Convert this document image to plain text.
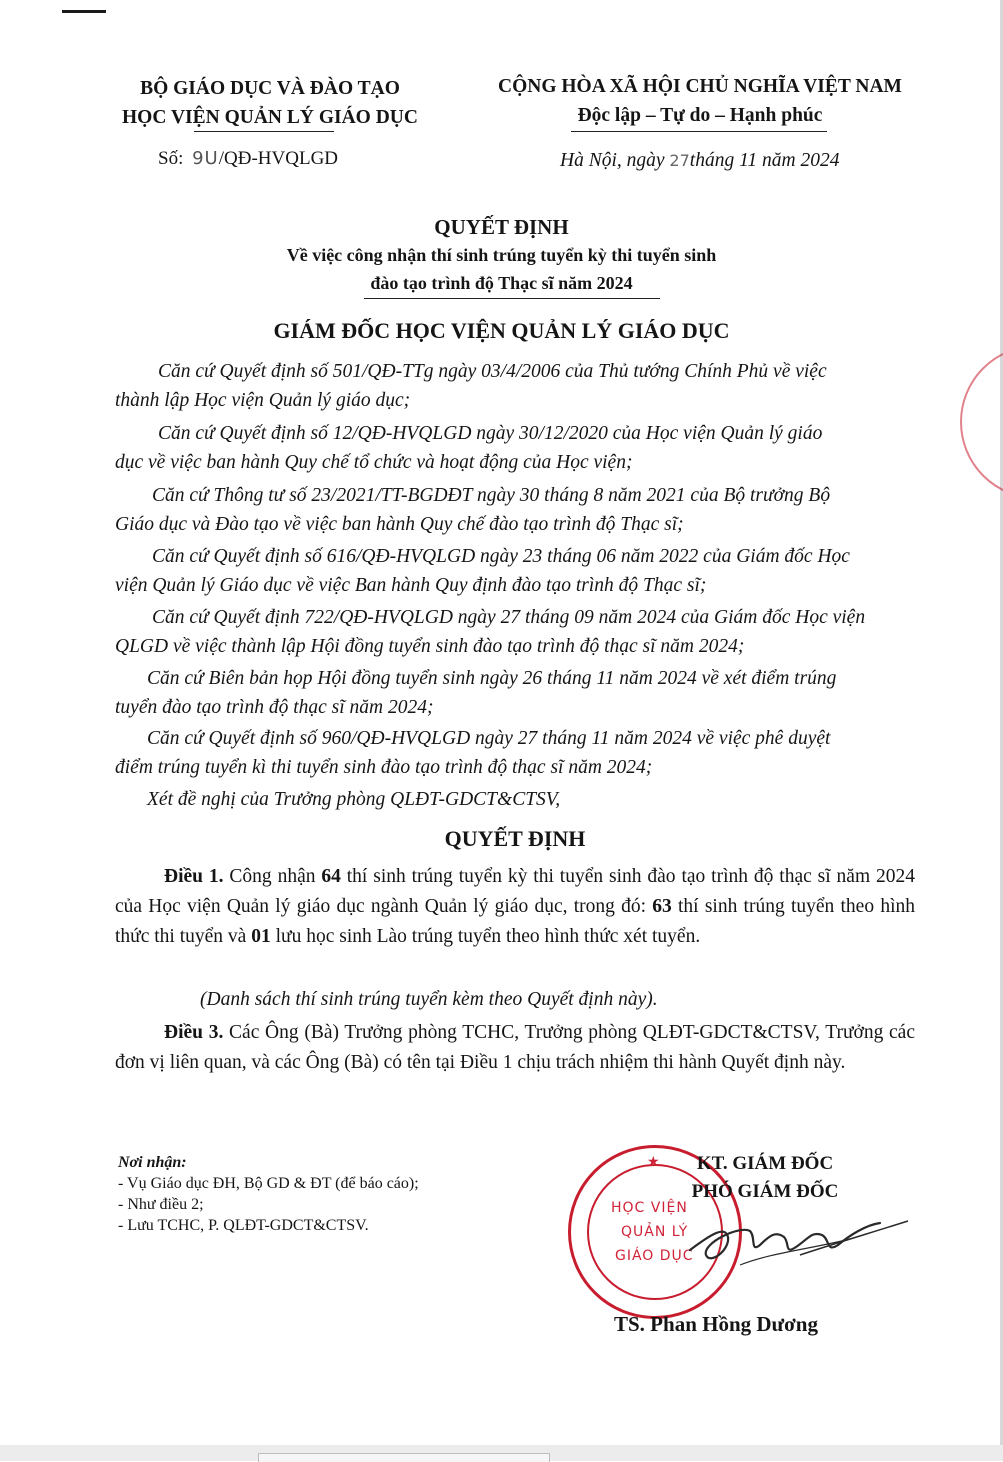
BỘ GIÁO DỤC VÀ ĐÀO TẠO
HỌC VIỆN QUẢN LÝ GIÁO DỤC
CỘNG HÒA XÃ HỘI CHỦ NGHĨA VIỆT NAM
Độc lập – Tự do – Hạnh phúc
Số: 9U/QĐ-HVQLGD	Hà Nội, ngày 27tháng 11 năm 2024
QUYẾT ĐỊNH
Về việc công nhận thí sinh trúng tuyển kỳ thi tuyển sinh
đào tạo trình độ Thạc sĩ năm 2024
GIÁM ĐỐC HỌC VIỆN QUẢN LÝ GIÁO DỤC
Căn cứ Quyết định số 501/QĐ-TTg ngày 03/4/2006 của Thủ tướng Chính Phủ về việc
thành lập Học viện Quản lý giáo dục;
Căn cứ Quyết định số 12/QĐ-HVQLGD ngày 30/12/2020 của Học viện Quản lý giáo
dục về việc ban hành Quy chế tổ chức và hoạt động của Học viện;
Căn cứ Thông tư số 23/2021/TT-BGDĐT ngày 30 tháng 8 năm 2021 của Bộ trưởng Bộ
Giáo dục và Đào tạo về việc ban hành Quy chế đào tạo trình độ Thạc sĩ;
Căn cứ Quyết định số 616/QĐ-HVQLGD ngày 23 tháng 06 năm 2022 của Giám đốc Học
viện Quản lý Giáo dục về việc Ban hành Quy định đào tạo trình độ Thạc sĩ;
Căn cứ Quyết định 722/QĐ-HVQLGD ngày 27 tháng 09 năm 2024 của Giám đốc Học viện
QLGD về việc thành lập Hội đồng tuyển sinh đào tạo trình độ thạc sĩ năm 2024;
Căn cứ Biên bản họp Hội đồng tuyển sinh ngày 26 tháng 11 năm 2024 về xét điểm trúng
tuyển đào tạo trình độ thạc sĩ năm 2024;
Căn cứ Quyết định số 960/QĐ-HVQLGD ngày 27 tháng 11 năm 2024 về việc phê duyệt
điểm trúng tuyển kì thi tuyển sinh đào tạo trình độ thạc sĩ năm 2024;
Xét đề nghị của Trưởng phòng QLĐT-GDCT&CTSV,
QUYẾT ĐỊNH
Điều 1. Công nhận 64 thí sinh trúng tuyển kỳ thi tuyển sinh đào tạo trình độ thạc sĩ năm 2024 của Học viện Quản lý giáo dục ngành Quản lý giáo dục, trong đó: 63 thí sinh trúng tuyển theo hình thức thi tuyển và 01 lưu học sinh Lào trúng tuyển theo hình thức xét tuyển.
(Danh sách thí sinh trúng tuyển kèm theo Quyết định này).
Điều 3. Các Ông (Bà) Trưởng phòng TCHC, Trưởng phòng QLĐT-GDCT&CTSV, Trưởng các đơn vị liên quan, và các Ông (Bà) có tên tại Điều 1 chịu trách nhiệm thi hành Quyết định này.
Nơi nhận:
- Vụ Giáo dục ĐH, Bộ GD & ĐT (để báo cáo);
- Như điều 2;
- Lưu TCHC, P. QLĐT-GDCT&CTSV.
HỌC VIỆN
QUẢN LÝ
GIÁO DỤC
★	KT. GIÁM ĐỐC
PHÓ GIÁM ĐỐC
TS. Phan Hồng Dương
